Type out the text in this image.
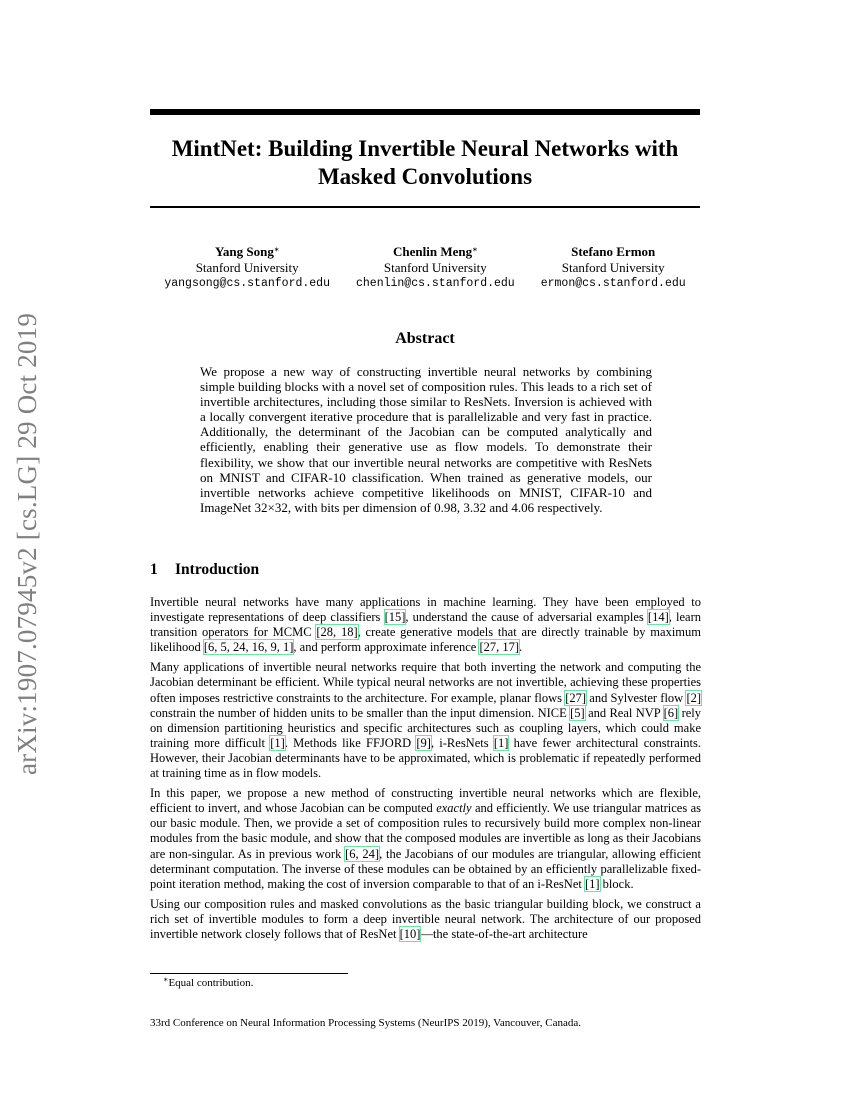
arXiv:1907.07945v2 [cs.LG] 29 Oct 2019
MintNet: Building Invertible Neural Networks with Masked Convolutions
Yang Song∗
Stanford University
yangsong@cs.stanford.edu
Chenlin Meng∗
Stanford University
chenlin@cs.stanford.edu
Stefano Ermon
Stanford University
ermon@cs.stanford.edu
Abstract
We propose a new way of constructing invertible neural networks by combining simple building blocks with a novel set of composition rules. This leads to a rich set of invertible architectures, including those similar to ResNets. Inversion is achieved with a locally convergent iterative procedure that is parallelizable and very fast in practice. Additionally, the determinant of the Jacobian can be computed analytically and efficiently, enabling their generative use as flow models. To demonstrate their flexibility, we show that our invertible neural networks are competitive with ResNets on MNIST and CIFAR-10 classification. When trained as generative models, our invertible networks achieve competitive likelihoods on MNIST, CIFAR-10 and ImageNet 32×32, with bits per dimension of 0.98, 3.32 and 4.06 respectively.
1 Introduction

Invertible neural networks have many applications in machine learning. They have been employed to investigate representations of deep classifiers [15], understand the cause of adversarial examples [14], learn transition operators for MCMC [28, 18], create generative models that are directly trainable by maximum likelihood [6, 5, 24, 16, 9, 1], and perform approximate inference [27, 17].

Many applications of invertible neural networks require that both inverting the network and computing the Jacobian determinant be efficient. While typical neural networks are not invertible, achieving these properties often imposes restrictive constraints to the architecture. For example, planar flows [27] and Sylvester flow [2] constrain the number of hidden units to be smaller than the input dimension. NICE [5] and Real NVP [6] rely on dimension partitioning heuristics and specific architectures such as coupling layers, which could make training more difficult [1]. Methods like FFJORD [9], i-ResNets [1] have fewer architectural constraints. However, their Jacobian determinants have to be approximated, which is problematic if repeatedly performed at training time as in flow models.

In this paper, we propose a new method of constructing invertible neural networks which are flexible, efficient to invert, and whose Jacobian can be computed exactly and efficiently. We use triangular matrices as our basic module. Then, we provide a set of composition rules to recursively build more complex non-linear modules from the basic module, and show that the composed modules are invertible as long as their Jacobians are non-singular. As in previous work [6, 24], the Jacobians of our modules are triangular, allowing efficient determinant computation. The inverse of these modules can be obtained by an efficiently parallelizable fixed-point iteration method, making the cost of inversion comparable to that of an i-ResNet [1] block.

Using our composition rules and masked convolutions as the basic triangular building block, we construct a rich set of invertible modules to form a deep invertible neural network. The architecture of our proposed invertible network closely follows that of ResNet [10]—the state-of-the-art architecture

∗Equal contribution.
33rd Conference on Neural Information Processing Systems (NeurIPS 2019), Vancouver, Canada.
